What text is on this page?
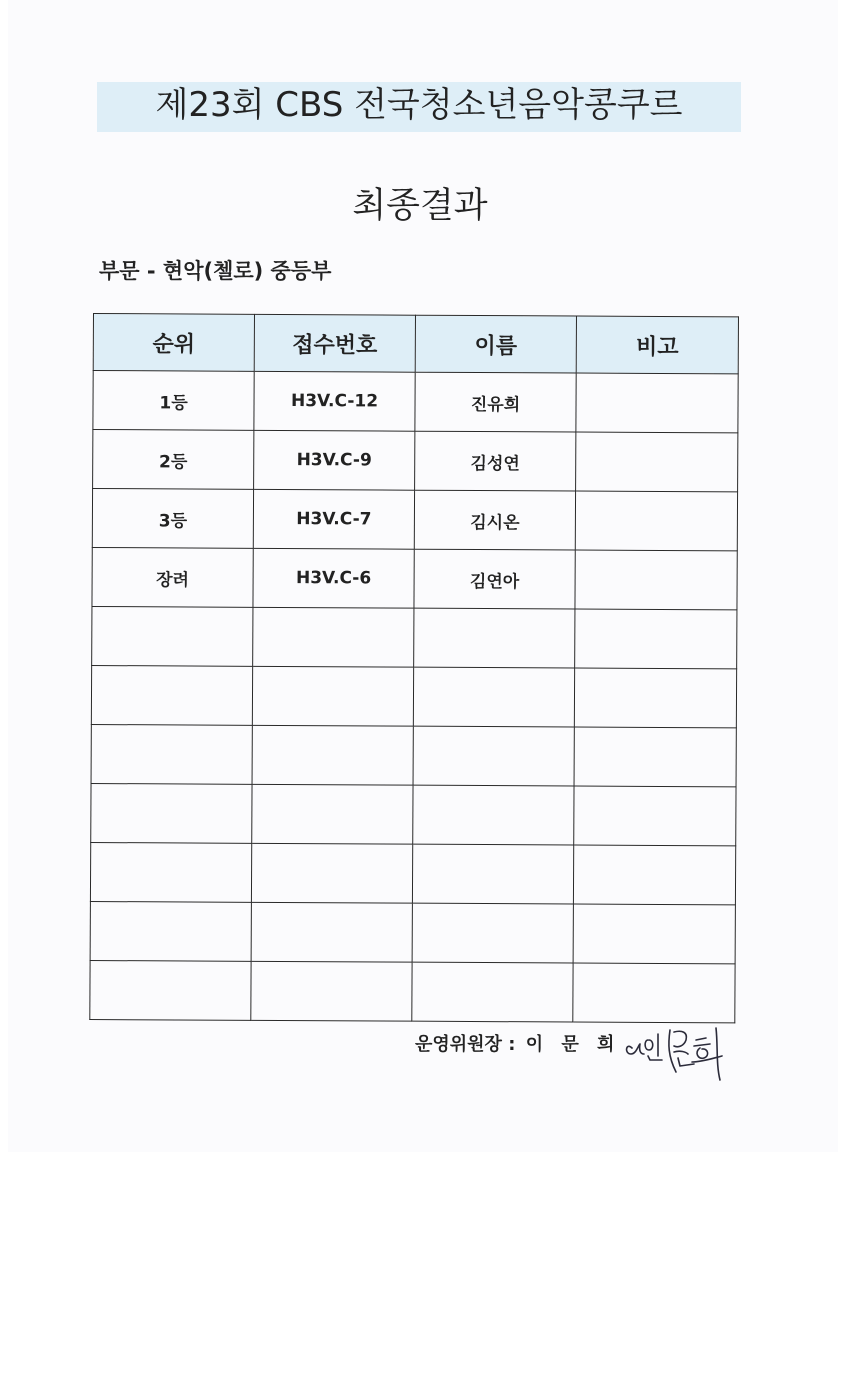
제23회 CBS 전국청소년음악콩쿠르
최종결과
부문 - 현악(첼로) 중등부
순위	접수번호	이름	비고
1등	H3V.C-12	진유희	
2등	H3V.C-9	김성연	
3등	H3V.C-7	김시온	
장려	H3V.C-6	김연아	

운영위원장 : 이 문 희
